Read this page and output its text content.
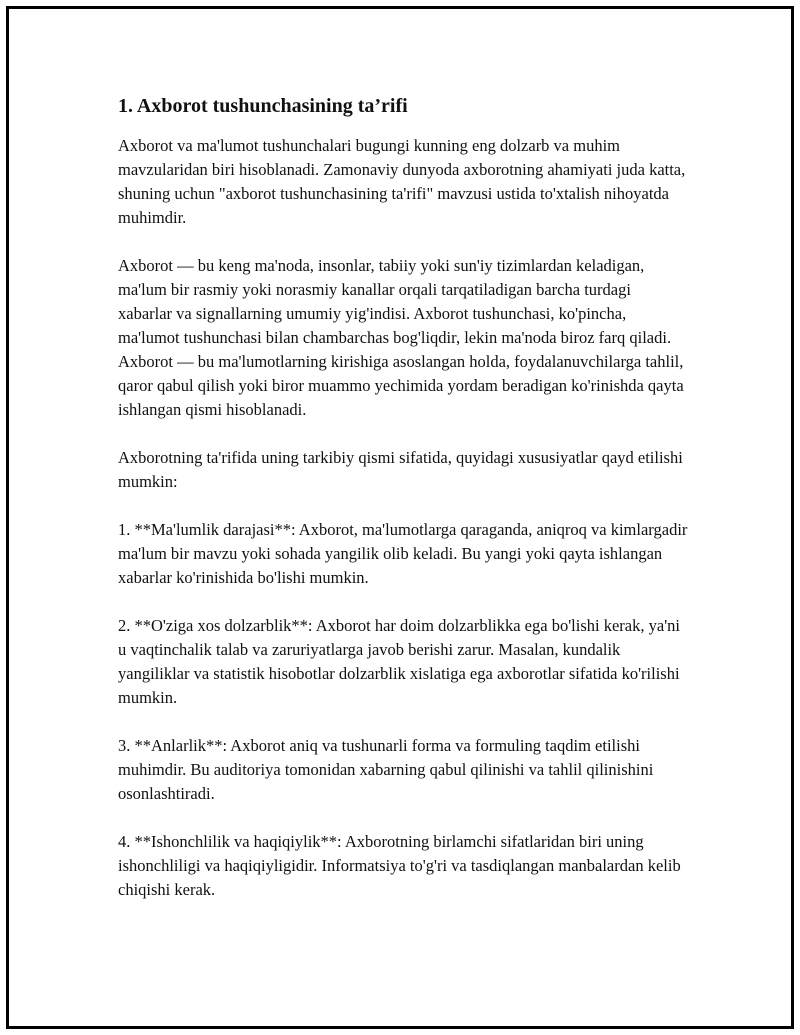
1. Axborot tushunchasining ta’rifi

Axborot va ma'lumot tushunchalari bugungi kunning eng dolzarb va muhim mavzularidan biri hisoblanadi. Zamonaviy dunyoda axborotning ahamiyati juda katta, shuning uchun "axborot tushunchasining ta'rifi" mavzusi ustida to'xtalish nihoyatda muhimdir.

Axborot — bu keng ma'noda, insonlar, tabiiy yoki sun'iy tizimlardan keladigan, ma'lum bir rasmiy yoki norasmiy kanallar orqali tarqatiladigan barcha turdagi xabarlar va signallarning umumiy yig'indisi. Axborot tushunchasi, ko'pincha, ma'lumot tushunchasi bilan chambarchas bog'liqdir, lekin ma'noda biroz farq qiladi. Axborot — bu ma'lumotlarning kirishiga asoslangan holda, foydalanuvchilarga tahlil, qaror qabul qilish yoki biror muammo yechimida yordam beradigan ko'rinishda qayta ishlangan qismi hisoblanadi.

Axborotning ta'rifida uning tarkibiy qismi sifatida, quyidagi xususiyatlar qayd etilishi mumkin:

1. **Ma'lumlik darajasi**: Axborot, ma'lumotlarga qaraganda, aniqroq va kimlargadir ma'lum bir mavzu yoki sohada yangilik olib keladi. Bu yangi yoki qayta ishlangan xabarlar ko'rinishida bo'lishi mumkin.

2. **O'ziga xos dolzarblik**: Axborot har doim dolzarblikka ega bo'lishi kerak, ya'ni u vaqtinchalik talab va zaruriyatlarga javob berishi zarur. Masalan, kundalik yangiliklar va statistik hisobotlar dolzarblik xislatiga ega axborotlar sifatida ko'rilishi mumkin.

3. **Anlarlik**: Axborot aniq va tushunarli forma va formuling taqdim etilishi muhimdir. Bu auditoriya tomonidan xabarning qabul qilinishi va tahlil qilinishini osonlashtiradi.

4. **Ishonchlilik va haqiqiylik**: Axborotning birlamchi sifatlaridan biri uning ishonchliligi va haqiqiyligidir. Informatsiya to'g'ri va tasdiqlangan manbalardan kelib chiqishi kerak.
